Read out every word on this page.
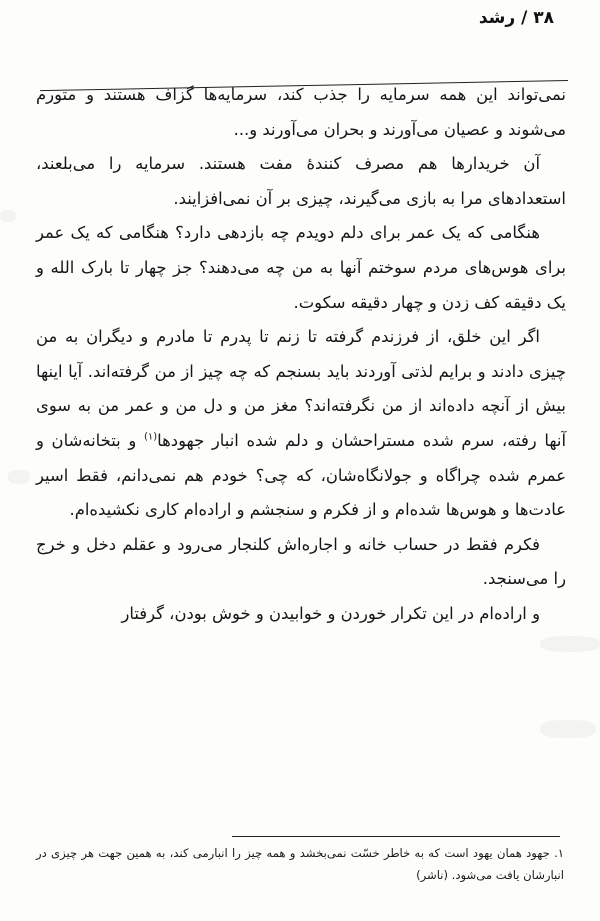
۳۸ / رشد

نمی‌تواند این همه سرمایه را جذب کند، سرمایه‌ها گزاف هستند و متورم می‌شوند و عصیان می‌آورند و بحران می‌آورند و...

آن خریدارها هم مصرف کنندهٔ مفت هستند. سرمایه را می‌بلعند، استعدادهای مرا به بازی می‌گیرند، چیزی بر آن نمی‌افزایند.

هنگامی که یک عمر برای دلم دویدم چه بازدهی دارد؟ هنگامی که یک عمر برای هوس‌های مردم سوختم آنها به من چه می‌دهند؟ جز چهار تا بارک الله و یک دقیقه کف زدن و چهار دقیقه سکوت.

اگر این خلق، از فرزندم گرفته تا زنم تا پدرم تا مادرم و دیگران به من چیزی دادند و برایم لذتی آوردند باید بسنجم که چه چیز از من گرفته‌اند. آیا اینها بیش از آنچه داده‌اند از من نگرفته‌اند؟ مغز من و دل من و عمر من به سوی آنها رفته، سرم شده مستراحشان و دلم شده انبار جهودها$^{(۱)}$ و بتخانه‌شان و عمرم شده چراگاه و جولانگاه‌شان، که چی؟ خودم هم نمی‌دانم، فقط اسیر عادت‌ها و هوس‌ها شده‌ام و از فکرم و سنجشم و اراده‌ام کاری نکشیده‌ام.

فکرم فقط در حساب خانه و اجاره‌اش کلنجار می‌رود و عقلم دخل و خرج را می‌سنجد.

و اراده‌ام در این تکرار خوردن و خوابیدن و خوش بودن، گرفتار

۱. جهود همان یهود است که به خاطر خسّت نمی‌بخشد و همه چیز را انبارمی کند، به همین جهت هر چیزی در انبارشان یافت می‌شود. (ناشر)
